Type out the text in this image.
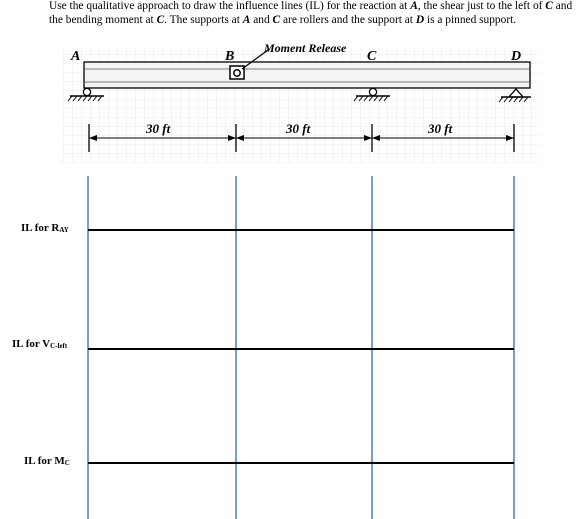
Use the qualitative approach to draw the influence lines (IL) for the reaction at A, the shear just to the left of C and the bending moment at C. The supports at A and C are rollers and the support at D is a pinned support.

A	B
Moment Release
C	D
30 ft	30 ft	30 ft
IL for $R_{AY}$
IL for $V_{C-left}$
IL for $M_C$
